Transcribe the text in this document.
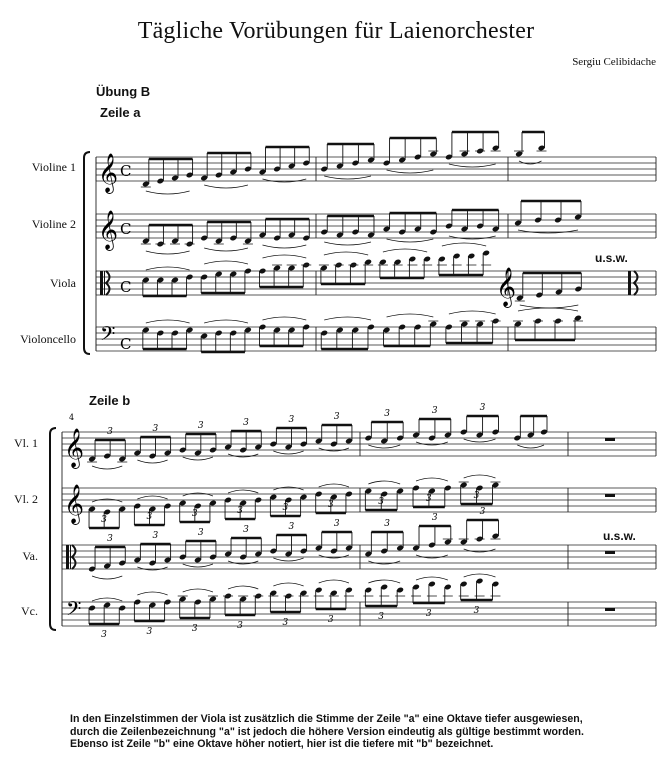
Tägliche Vorübungen für Laienorchester
Sergiu Celibidache
Übung B
Zeile a
Violine 1
Violine 2
Viola
Violoncello
u.s.w.
Zeile b
Vl. 1
Vl. 2
Va.
Vc.
u.s.w.
In den Einzelstimmen der Viola ist zusätzlich die Stimme der Zeile "a" eine Oktave tiefer ausgewiesen,
durch die Zeilenbezeichnung "a" ist jedoch die höhere Version eindeutig als gültige bestimmt worden.
Ebenso ist Zeile "b" eine Oktave höher notiert, hier ist die tiefere mit "b" bezeichnet.
𝄞
𝄞
𝄢
𝄞
𝄞
𝄞
𝄢
3	3	3	3	3	3	3	3	3
3	3	3	3	3	3	3	3	3
3	3	3	3	3	3	3
3
3
3	3	3	3	3	3	3	3	3
C
C
C
C
4
